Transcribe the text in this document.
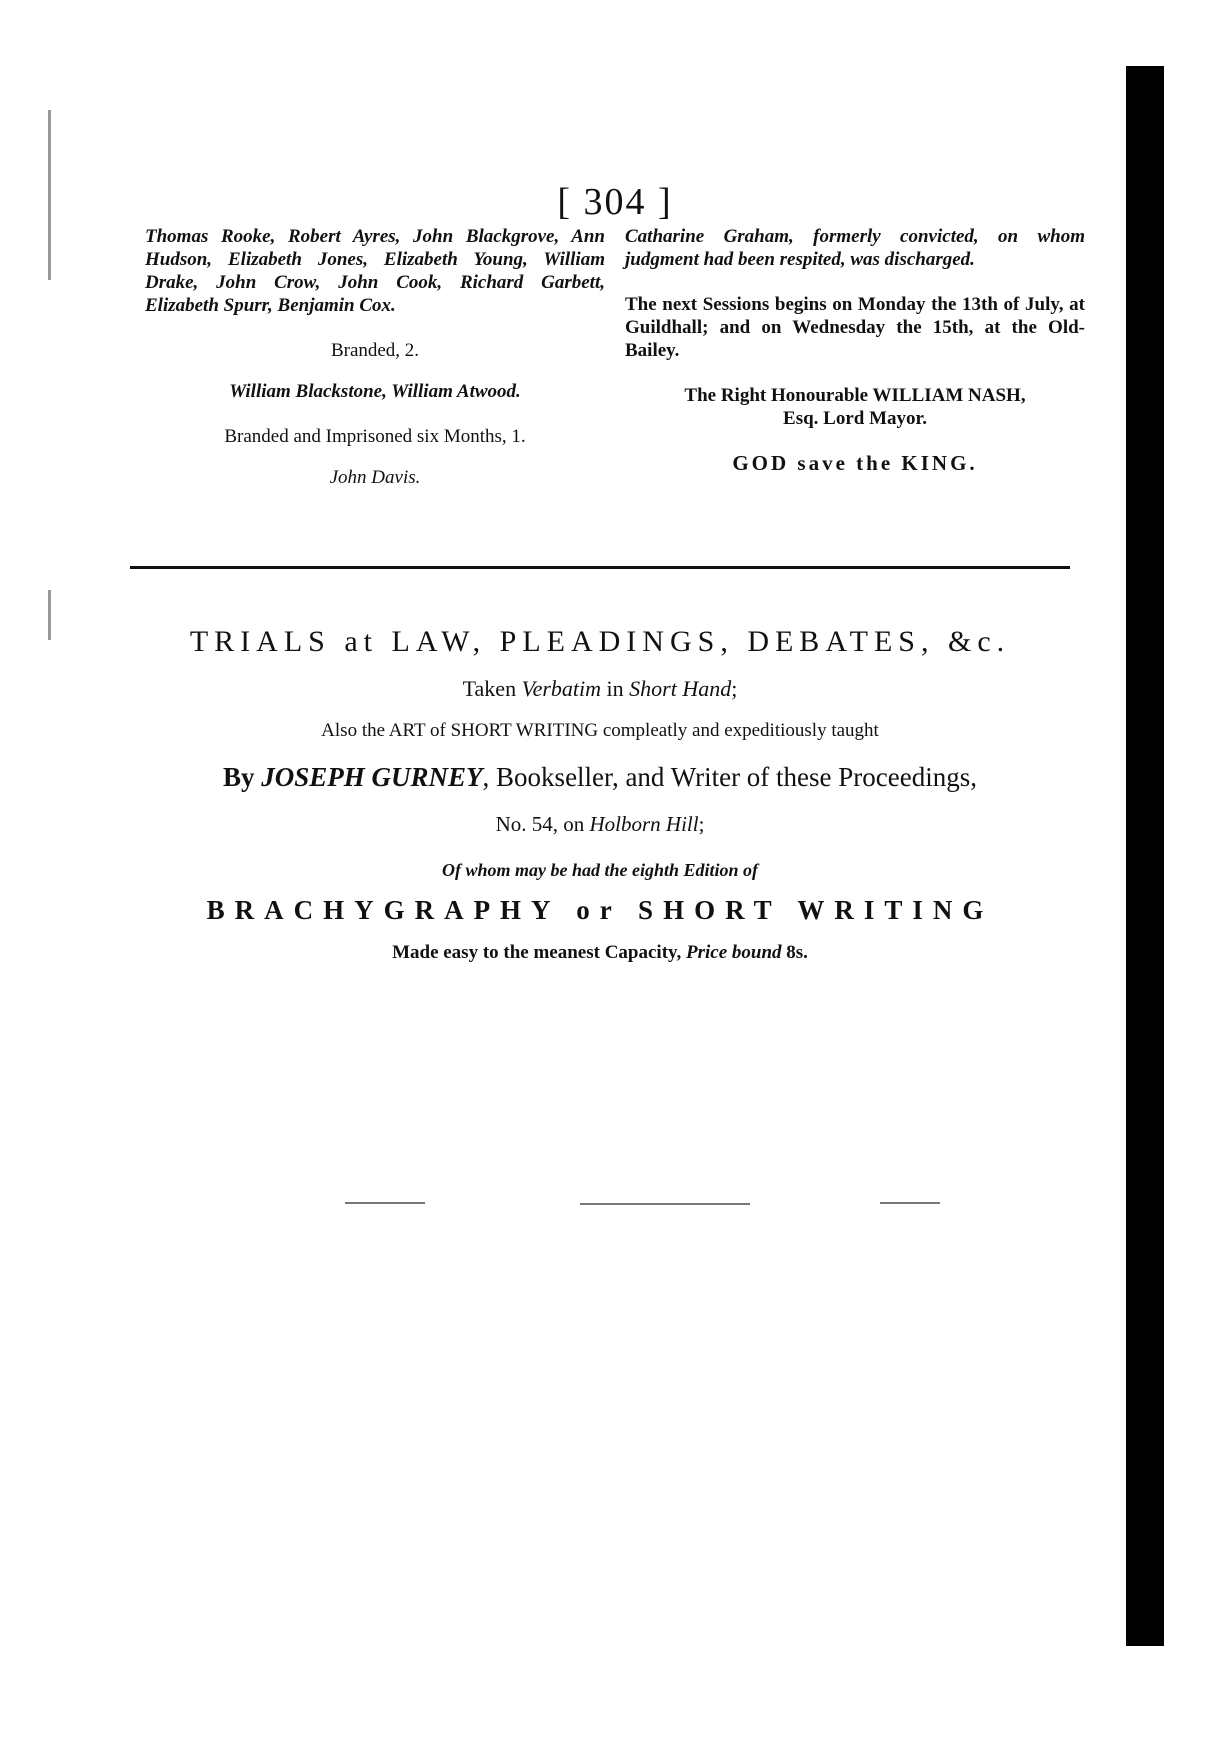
[ 304 ]

Thomas Rooke, Robert Ayres, John Blackgrove, Ann Hudson, Elizabeth Jones, Elizabeth Young, William Drake, John Crow, John Cook, Richard Garbett, Elizabeth Spurr, Benjamin Cox.

Branded, 2.

William Blackstone, William Atwood.

Branded and Imprisoned six Months, 1.

John Davis.

Catharine Graham, formerly convicted, on whom judgment had been respited, was discharged.

The next Sessions begins on Monday the 13th of July, at Guildhall; and on Wednesday the 15th, at the Old-Bailey.

The Right Honourable WILLIAM NASH,

Esq. Lord Mayor.

GOD save the KING.

TRIALS at LAW, PLEADINGS, DEBATES, &c.

Taken Verbatim in Short Hand;

Also the ART of SHORT WRITING compleatly and expeditiously taught

By JOSEPH GURNEY, Bookseller, and Writer of these Proceedings,

No. 54, on Holborn Hill;

Of whom may be had the eighth Edition of

BRACHYGRAPHY or SHORT WRITING

Made easy to the meanest Capacity, Price bound 8s.
